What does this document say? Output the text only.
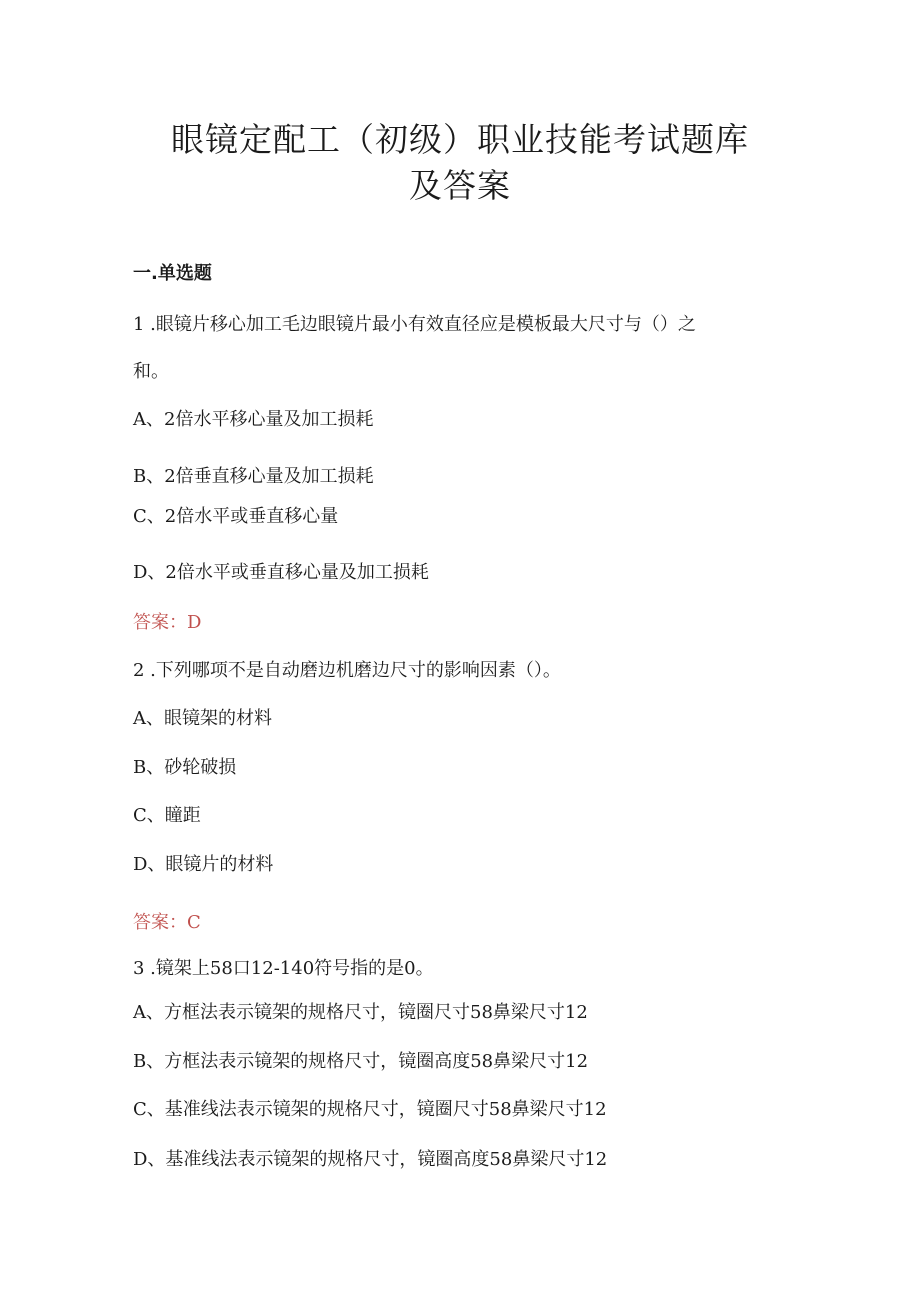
眼镜定配工（初级）职业技能考试题库
及答案
一.单选题
1 .眼镜片移心加工毛边眼镜片最小有效直径应是模板最大尺寸与（）之
和。
A、2倍水平移心量及加工损耗
B、2倍垂直移心量及加工损耗
C、2倍水平或垂直移心量
D、2倍水平或垂直移心量及加工损耗
答案：D
2 .下列哪项不是自动磨边机磨边尺寸的影响因素（）。
A、眼镜架的材料
B、砂轮破损
C、瞳距
D、眼镜片的材料
答案：C
3 .镜架上58口12-140符号指的是0。
A、方框法表示镜架的规格尺寸，镜圈尺寸58鼻梁尺寸12
B、方框法表示镜架的规格尺寸，镜圈高度58鼻梁尺寸12
C、基准线法表示镜架的规格尺寸，镜圈尺寸58鼻梁尺寸12
D、基准线法表示镜架的规格尺寸，镜圈高度58鼻梁尺寸12
